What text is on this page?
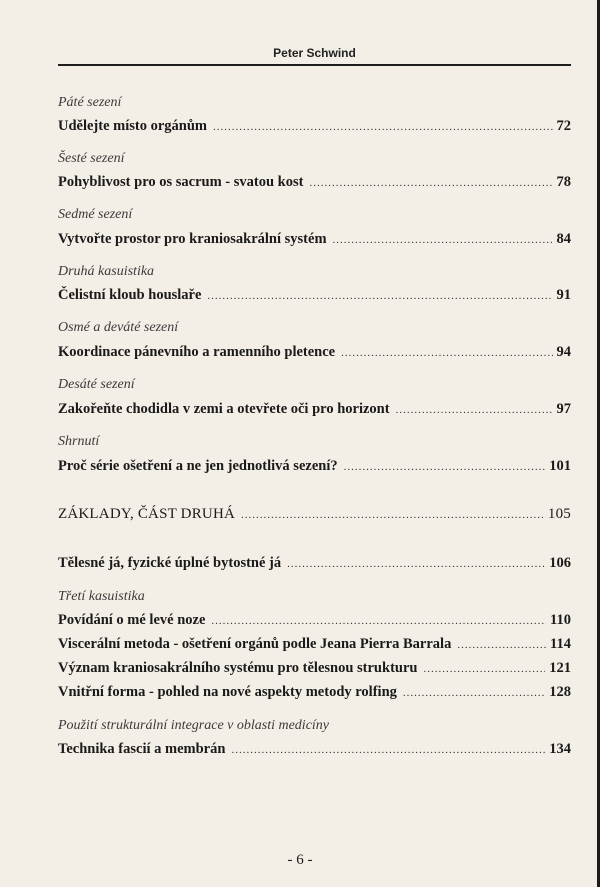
Peter Schwind
Páté sezení
Udělejte místo orgánům .....	72
Šesté sezení
Pohyblivost pro os sacrum - svatou kost .....	78
Sedmé sezení
Vytvořte prostor pro kraniosakrální systém .....	84
Druhá kasuistika
Čelistní kloub houslaře .....	91
Osmé a deváté sezení
Koordinace pánevního a ramenního pletence .....	94
Desáté sezení
Zakořeňte chodidla v zemi a otevřete oči pro horizont .....	97
Shrnutí
Proč série ošetření a ne jen jednotlivá sezení? .....	101
ZÁKLADY, ČÁST DRUHÁ .....	105
Tělesné já, fyzické úplné bytostné já .....	106
Třetí kasuistika
Povídání o mé levé noze .....	110
Viscerální metoda - ošetření orgánů podle Jeana Pierra Barrala .....	114
Význam kraniosakrálního systému pro tělesnou strukturu .....	121
Vnitřní forma - pohled na nové aspekty metody rolfing .....	128
Použití strukturální integrace v oblasti medicíny
Technika fascií a membrán .....	134
- 6 -
